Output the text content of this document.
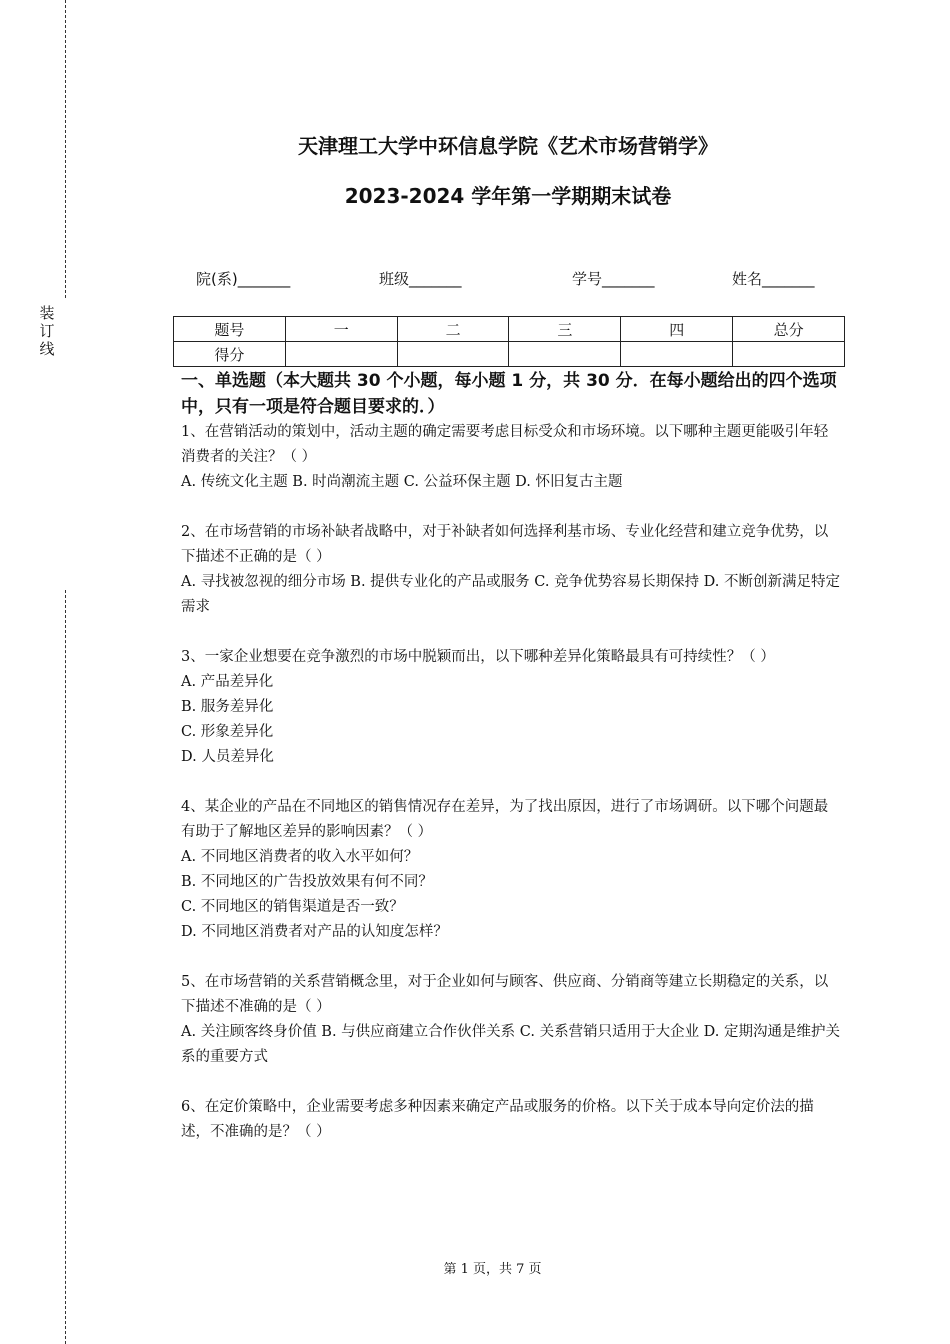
装
订
线
天津理工大学中环信息学院《艺术市场营销学》
2023-2024 学年第一学期期末试卷
院(系)_______	班级_______	学号_______	姓名_______
题号	一	二	三	四	总分
得分					
一、单选题（本大题共 30 个小题，每小题 1 分，共 30 分．在每小题给出的四个选项中，只有一项是符合题目要求的．）

1、在营销活动的策划中，活动主题的确定需要考虑目标受众和市场环境。以下哪种主题更能吸引年轻消费者的关注？（ ）

A. 传统文化主题 B. 时尚潮流主题 C. 公益环保主题 D. 怀旧复古主题

2、在市场营销的市场补缺者战略中，对于补缺者如何选择利基市场、专业化经营和建立竞争优势，以下描述不正确的是（ ）

A. 寻找被忽视的细分市场 B. 提供专业化的产品或服务 C. 竞争优势容易长期保持 D. 不断创新满足特定需求

3、一家企业想要在竞争激烈的市场中脱颖而出，以下哪种差异化策略最具有可持续性？（ ）

A. 产品差异化

B. 服务差异化

C. 形象差异化

D. 人员差异化

4、某企业的产品在不同地区的销售情况存在差异，为了找出原因，进行了市场调研。以下哪个问题最有助于了解地区差异的影响因素？（ ）

A. 不同地区消费者的收入水平如何？

B. 不同地区的广告投放效果有何不同？

C. 不同地区的销售渠道是否一致？

D. 不同地区消费者对产品的认知度怎样？

5、在市场营销的关系营销概念里，对于企业如何与顾客、供应商、分销商等建立长期稳定的关系，以下描述不准确的是（ ）

A. 关注顾客终身价值 B. 与供应商建立合作伙伴关系 C. 关系营销只适用于大企业 D. 定期沟通是维护关系的重要方式

6、在定价策略中，企业需要考虑多种因素来确定产品或服务的价格。以下关于成本导向定价法的描述，不准确的是？（ ）

第 1 页，共 7 页
